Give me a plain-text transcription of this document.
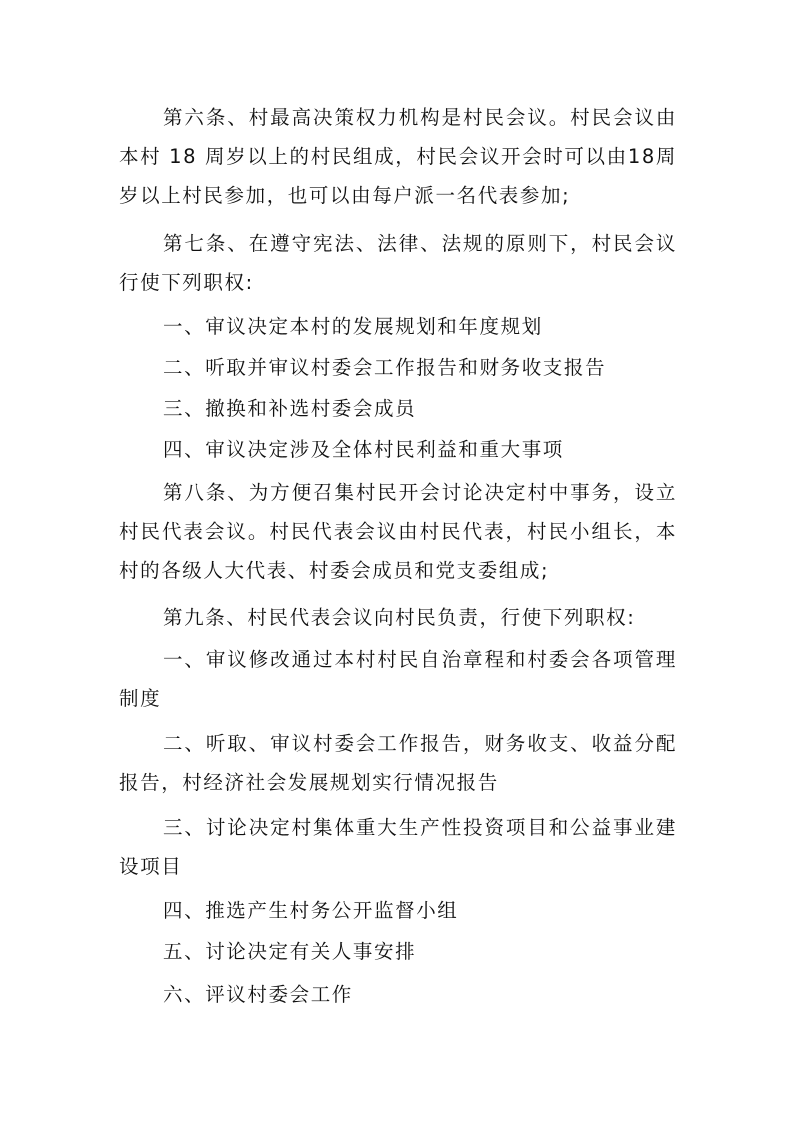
第六条、村最高决策权力机构是村民会议。村民会议由本村 18 周岁以上的村民组成，村民会议开会时可以由18周岁以上村民参加，也可以由每户派一名代表参加;

第七条、在遵守宪法、法律、法规的原则下，村民会议行使下列职权:

一、审议决定本村的发展规划和年度规划

二、听取并审议村委会工作报告和财务收支报告

三、撤换和补选村委会成员

四、审议决定涉及全体村民利益和重大事项

第八条、为方便召集村民开会讨论决定村中事务，设立村民代表会议。村民代表会议由村民代表，村民小组长，本村的各级人大代表、村委会成员和党支委组成;

第九条、村民代表会议向村民负责，行使下列职权:

一、审议修改通过本村村民自治章程和村委会各项管理制度

二、听取、审议村委会工作报告，财务收支、收益分配报告，村经济社会发展规划实行情况报告

三、讨论决定村集体重大生产性投资项目和公益事业建设项目

四、推选产生村务公开监督小组

五、讨论决定有关人事安排

六、评议村委会工作
